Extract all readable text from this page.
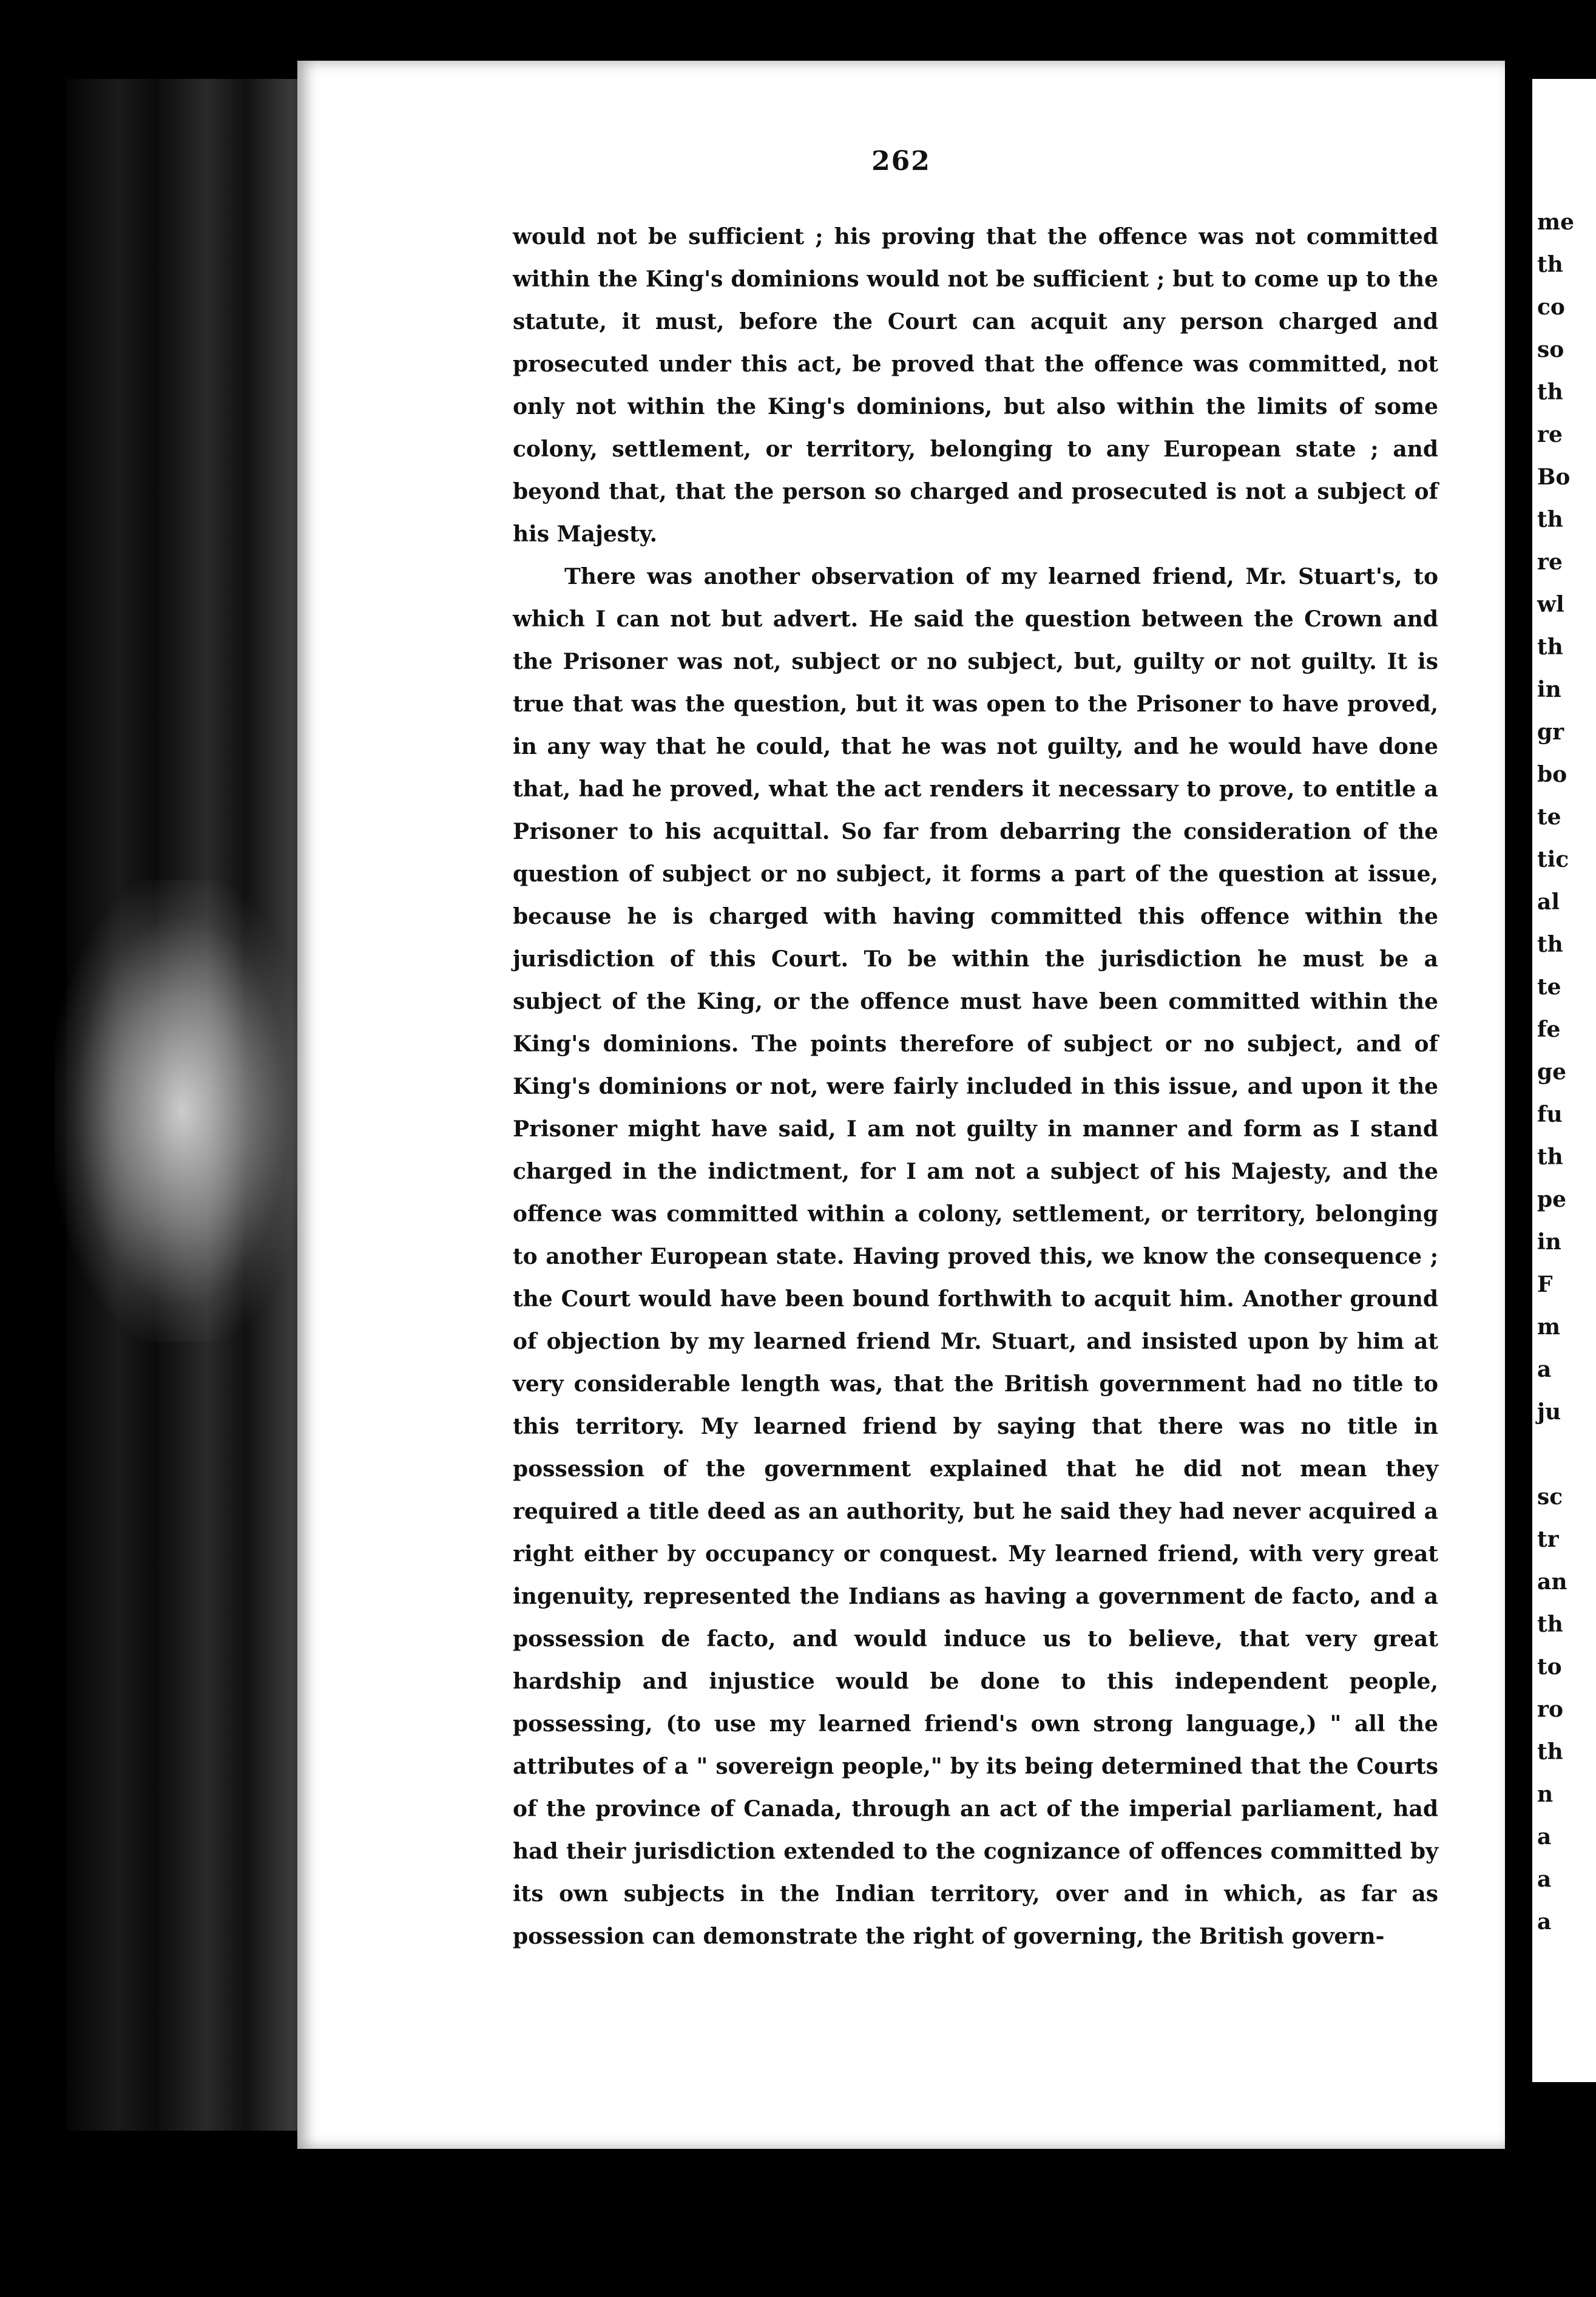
262

would not be sufficient ; his proving that the offence was not committed within the King's dominions would not be sufficient ; but to come up to the statute, it must, before the Court can acquit any person charged and prosecuted under this act, be proved that the offence was committed, not only not within the King's dominions, but also within the limits of some colony, settlement, or territory, belonging to any European state ; and beyond that, that the person so charged and prosecuted is not a subject of his Majesty.

There was another observation of my learned friend, Mr. Stuart's, to which I can not but advert. He said the question between the Crown and the Prisoner was not, subject or no subject, but, guilty or not guilty. It is true that was the question, but it was open to the Prisoner to have proved, in any way that he could, that he was not guilty, and he would have done that, had he proved, what the act renders it necessary to prove, to entitle a Prisoner to his acquittal. So far from debarring the consideration of the question of subject or no subject, it forms a part of the question at issue, because he is charged with having committed this offence within the jurisdiction of this Court. To be within the jurisdiction he must be a subject of the King, or the offence must have been committed within the King's dominions. The points therefore of subject or no subject, and of King's dominions or not, were fairly included in this issue, and upon it the Prisoner might have said, I am not guilty in manner and form as I stand charged in the indictment, for I am not a subject of his Majesty, and the offence was committed within a colony, settlement, or territory, belonging to another European state. Having proved this, we know the consequence ; the Court would have been bound forthwith to acquit him. Another ground of objection by my learned friend Mr. Stuart, and insisted upon by him at very considerable length was, that the British government had no title to this territory. My learned friend by saying that there was no title in possession of the government explained that he did not mean they required a title deed as an authority, but he said they had never acquired a right either by occupancy or conquest. My learned friend, with very great ingenuity, represented the Indians as having a government de facto, and a possession de facto, and would induce us to believe, that very great hardship and injustice would be done to this independent people, possessing, (to use my learned friend's own strong language,) " all the attributes of a " sovereign people," by its being determined that the Courts of the province of Canada, through an act of the imperial parliament, had had their jurisdiction extended to the cognizance of offences committed by its own subjects in the Indian territory, over and in which, as far as possession can demonstrate the right of governing, the British govern-

me
th
co
so
th
re
Bo
th
re
wl
th
in
gr
bo
te
tic
al
th
te
fe
ge
fu
th
pe
in
F
m
a
ju
sc
tr
an
th
to
ro
th
n
a
a
a
